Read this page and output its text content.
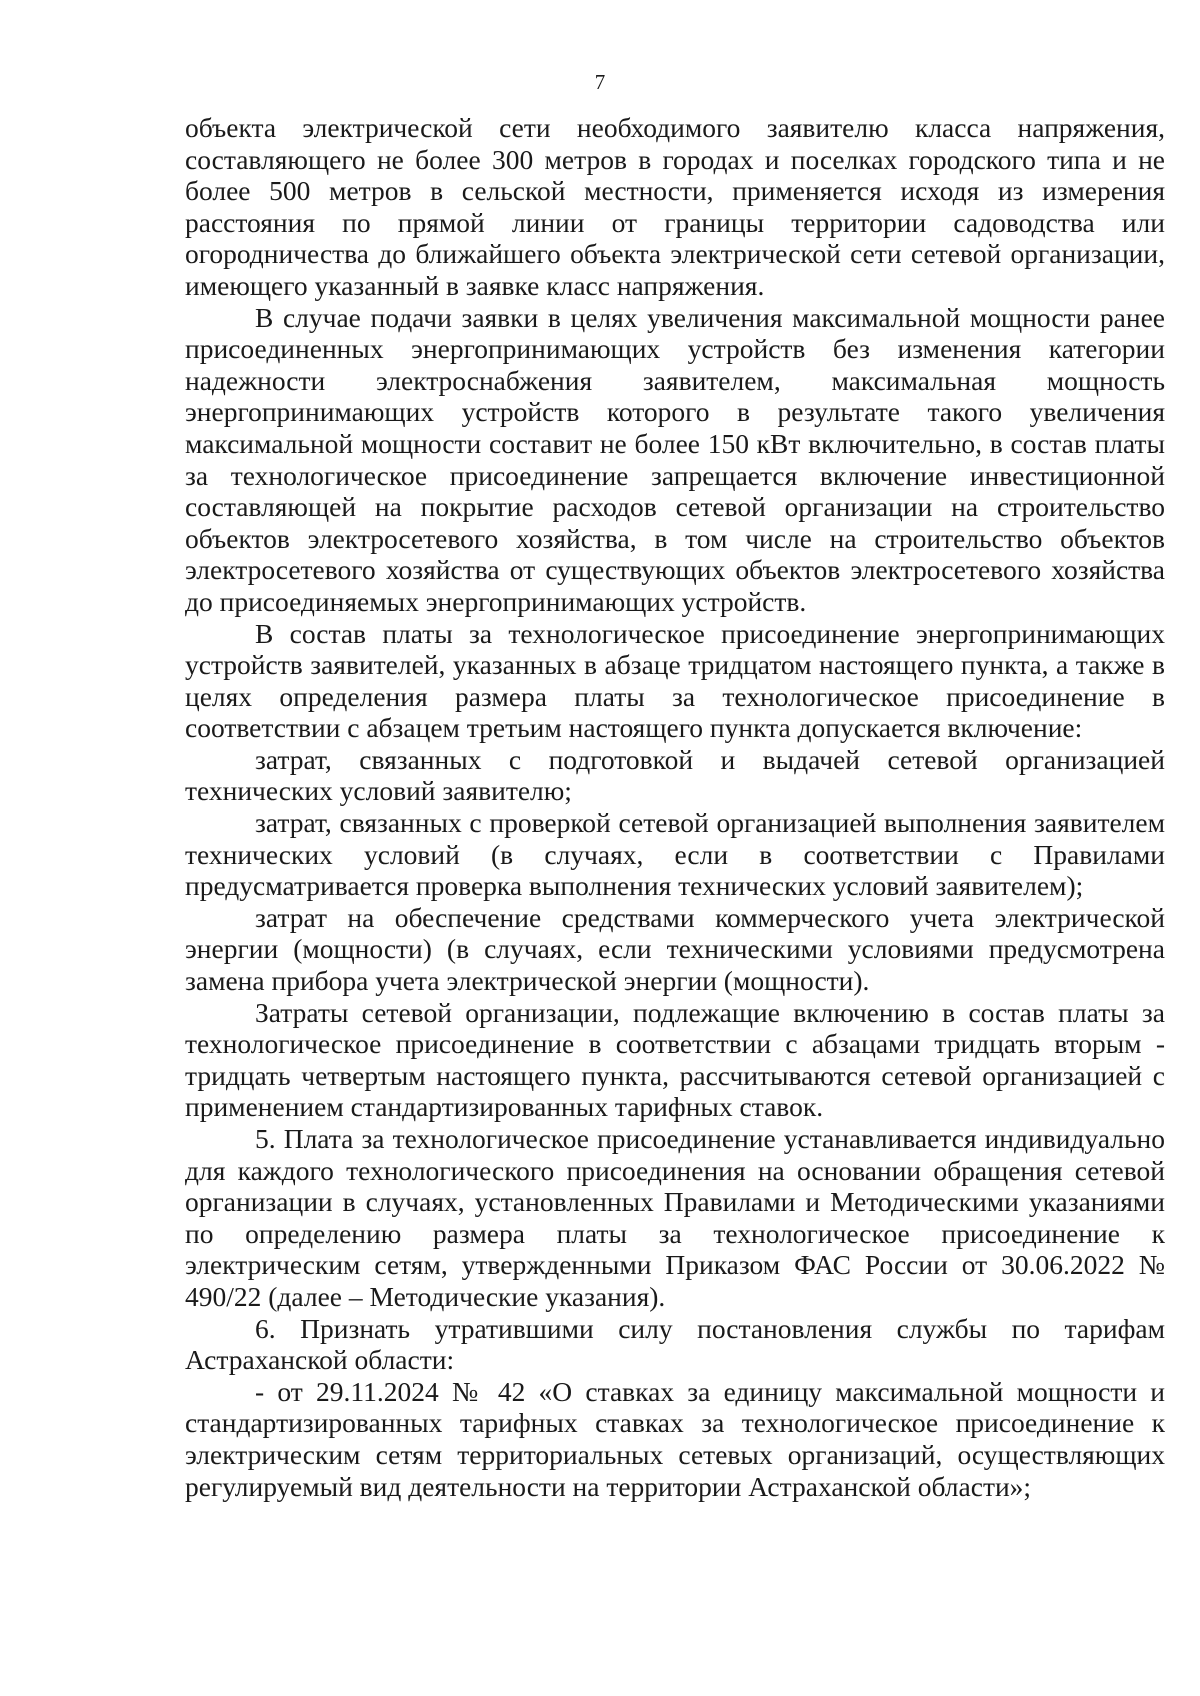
7

объекта электрической сети необходимого заявителю класса напряжения, составляющего не более 300 метров в городах и поселках городского типа и не более 500 метров в сельской местности, применяется исходя из измерения расстояния по прямой линии от границы территории садоводства или огородничества до ближайшего объекта электрической сети сетевой организации, имеющего указанный в заявке класс напряжения.

В случае подачи заявки в целях увеличения максимальной мощности ранее присоединенных энергопринимающих устройств без изменения категории надежности электроснабжения заявителем, максимальная мощность энергопринимающих устройств которого в результате такого увеличения максимальной мощности составит не более 150 кВт включительно, в состав платы за технологическое присоединение запрещается включение инвестиционной составляющей на покрытие расходов сетевой организации на строительство объектов электросетевого хозяйства, в том числе на строительство объектов электросетевого хозяйства от существующих объектов электросетевого хозяйства до присоединяемых энергопринимающих устройств.

В состав платы за технологическое присоединение энергопринимающих устройств заявителей, указанных в абзаце тридцатом настоящего пункта, а также в целях определения размера платы за технологическое присоединение в соответствии с абзацем третьим настоящего пункта допускается включение:

затрат, связанных с подготовкой и выдачей сетевой организацией технических условий заявителю;

затрат, связанных с проверкой сетевой организацией выполнения заявителем технических условий (в случаях, если в соответствии с Правилами предусматривается проверка выполнения технических условий заявителем);

затрат на обеспечение средствами коммерческого учета электрической энергии (мощности) (в случаях, если техническими условиями предусмотрена замена прибора учета электрической энергии (мощности).

Затраты сетевой организации, подлежащие включению в состав платы за технологическое присоединение в соответствии с абзацами тридцать вторым - тридцать четвертым настоящего пункта, рассчитываются сетевой организацией с применением стандартизированных тарифных ставок.

5. Плата за технологическое присоединение устанавливается индивидуально для каждого технологического присоединения на основании обращения сетевой организации в случаях, установленных Правилами и Методическими указаниями по определению размера платы за технологическое присоединение к электрическим сетям, утвержденными Приказом ФАС России от 30.06.2022 № 490/22 (далее – Методические указания).

6. Признать утратившими силу постановления службы по тарифам Астраханской области:

- от 29.11.2024 № 42 «О ставках за единицу максимальной мощности и стандартизированных тарифных ставках за технологическое присоединение к электрическим сетям территориальных сетевых организаций, осуществляющих регулируемый вид деятельности на территории Астраханской области»;
